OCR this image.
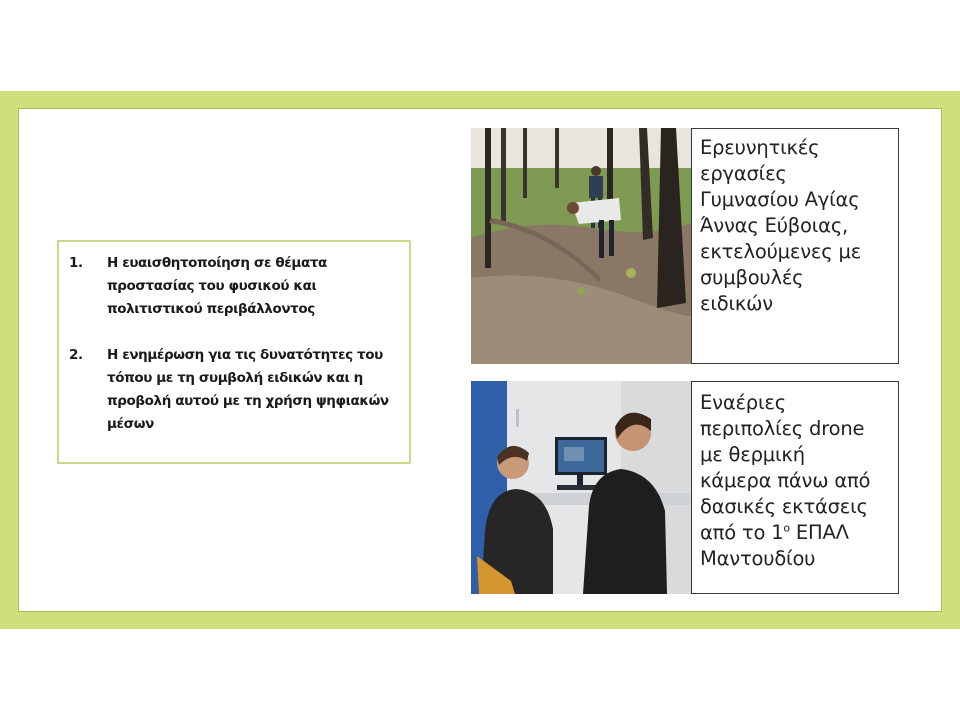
1.	Η ευαισθητοποίηση σε θέματα
προστασίας του φυσικού και
πολιτιστικού περιβάλλοντος
2.	Η ενημέρωση για τις δυνατότητες του
τόπου με τη συμβολή ειδικών και η
προβολή αυτού με τη χρήση ψηφιακών
μέσων
Ερευνητικές
εργασίες
Γυμνασίου Αγίας
Άννας Εύβοιας,
εκτελούμενες με
συμβουλές
ειδικών
Εναέριες
περιπολίες drone
με θερμική
κάμερα πάνω από
δασικές εκτάσεις
από το $1^o$ ΕΠΑΛ
Μαντουδίου
